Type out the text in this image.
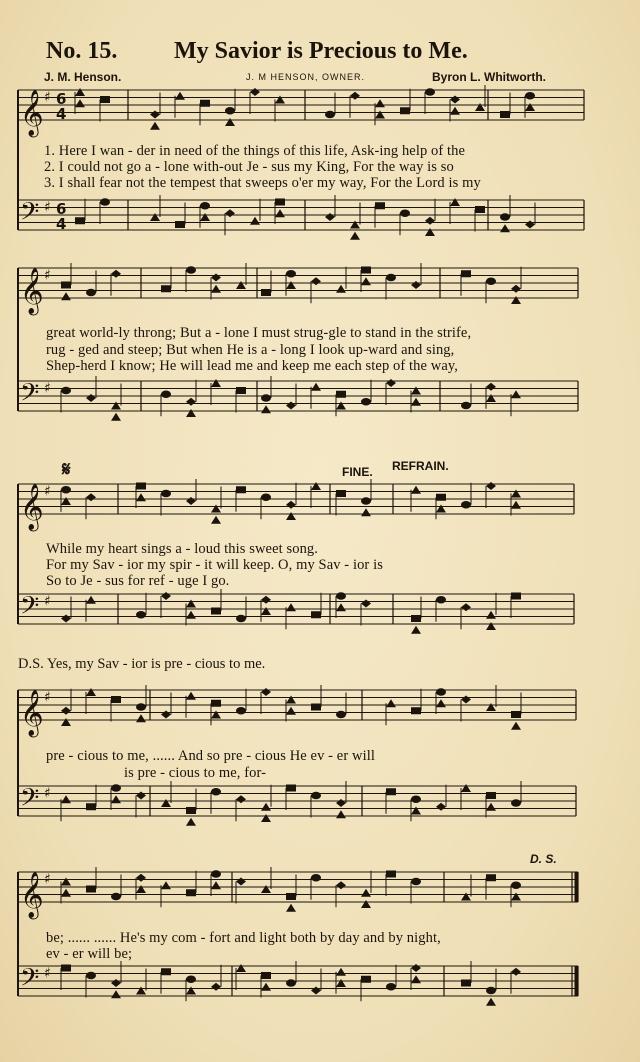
𝄞 ♯ 6
4
𝄢 ♯ 6
4
𝄞 ♯
𝄢 ♯
𝄞 ♯
𝄢 ♯
𝄞 ♯
𝄢 ♯
𝄞 ♯
𝄢 ♯
No. 15. My Savior is Precious to Me.
J. M. Henson.	J. M HENSON, OWNER.	Byron L. Whitworth.
1. Here I wan - der in need of the things of this life, Ask-ing help of the
2. I could not go a - lone with-out Je - sus my King, For the way is so
3. I shall fear not the tempest that sweeps o'er my way, For the Lord is my
great world-ly throng; But a - lone I must strug-gle to stand in the strife,
rug - ged and steep; But when He is a - long I look up-ward and sing,
Shep-herd I know; He will lead me and keep me each step of the way,
𝄋	FINE. REFRAIN.
While my heart sings a - loud this sweet song.
For my Sav - ior my spir - it will keep. O, my Sav - ior is
So to Je - sus for ref - uge I go.
D.S. Yes, my Sav - ior is pre - cious to me.
pre - cious to me, ...... And so pre - cious He ev - er will
is pre - cious to me, for-
D. S.
be; ...... ...... He's my com - fort and light both by day and by night,
ev - er will be;
